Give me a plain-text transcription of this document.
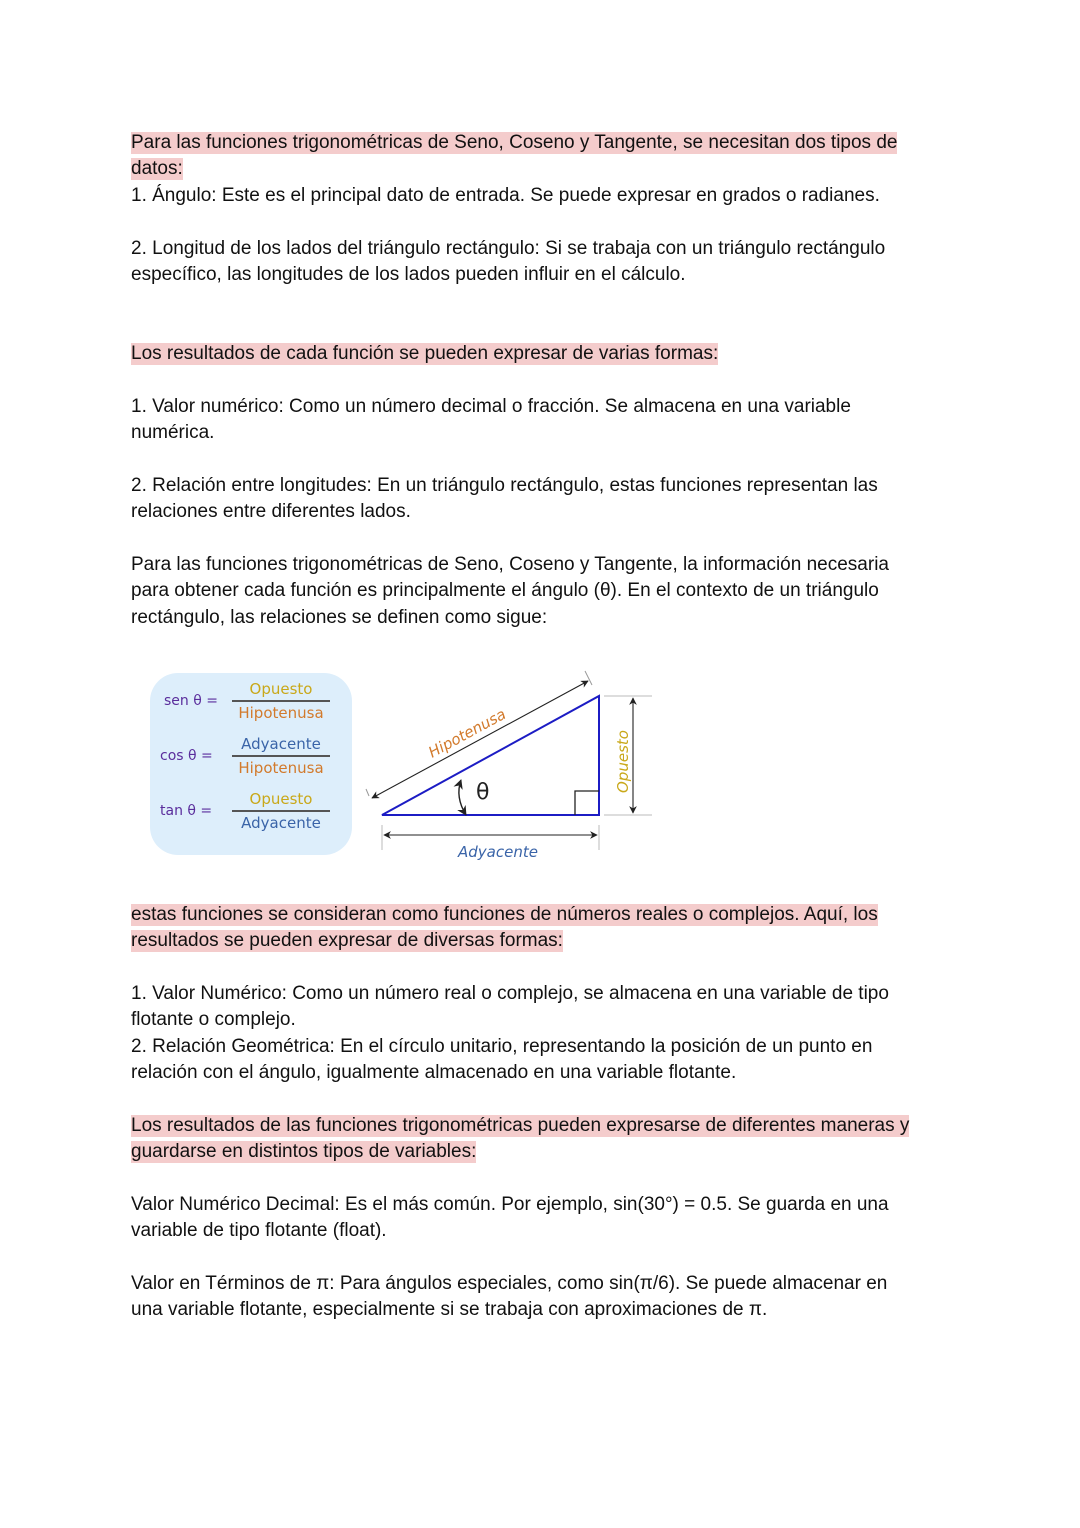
Para las funciones trigonométricas de Seno, Coseno y Tangente, se necesitan dos tipos de
datos:
1. Ángulo: Este es el principal dato de entrada. Se puede expresar en grados o radianes.
2. Longitud de los lados del triángulo rectángulo: Si se trabaja con un triángulo rectángulo
específico, las longitudes de los lados pueden influir en el cálculo.
Los resultados de cada función se pueden expresar de varias formas:
1. Valor numérico: Como un número decimal o fracción. Se almacena en una variable
numérica.
2. Relación entre longitudes: En un triángulo rectángulo, estas funciones representan las
relaciones entre diferentes lados.
Para las funciones trigonométricas de Seno, Coseno y Tangente, la información necesaria
para obtener cada función es principalmente el ángulo (θ). En el contexto de un triángulo
rectángulo, las relaciones se definen como sigue:
sen θ =
Opuesto
Hipotenusa
cos θ =
Adyacente
Hipotenusa
tan θ =
Opuesto
Adyacente
Hipotenusa
θ
Adyacente
Opuesto
estas funciones se consideran como funciones de números reales o complejos. Aquí, los
resultados se pueden expresar de diversas formas:
1. Valor Numérico: Como un número real o complejo, se almacena en una variable de tipo
flotante o complejo.
2. Relación Geométrica: En el círculo unitario, representando la posición de un punto en
relación con el ángulo, igualmente almacenado en una variable flotante.
Los resultados de las funciones trigonométricas pueden expresarse de diferentes maneras y
guardarse en distintos tipos de variables:
Valor Numérico Decimal: Es el más común. Por ejemplo, sin(30°) = 0.5. Se guarda en una
variable de tipo flotante (float).
Valor en Términos de π: Para ángulos especiales, como sin(π/6). Se puede almacenar en
una variable flotante, especialmente si se trabaja con aproximaciones de π.
